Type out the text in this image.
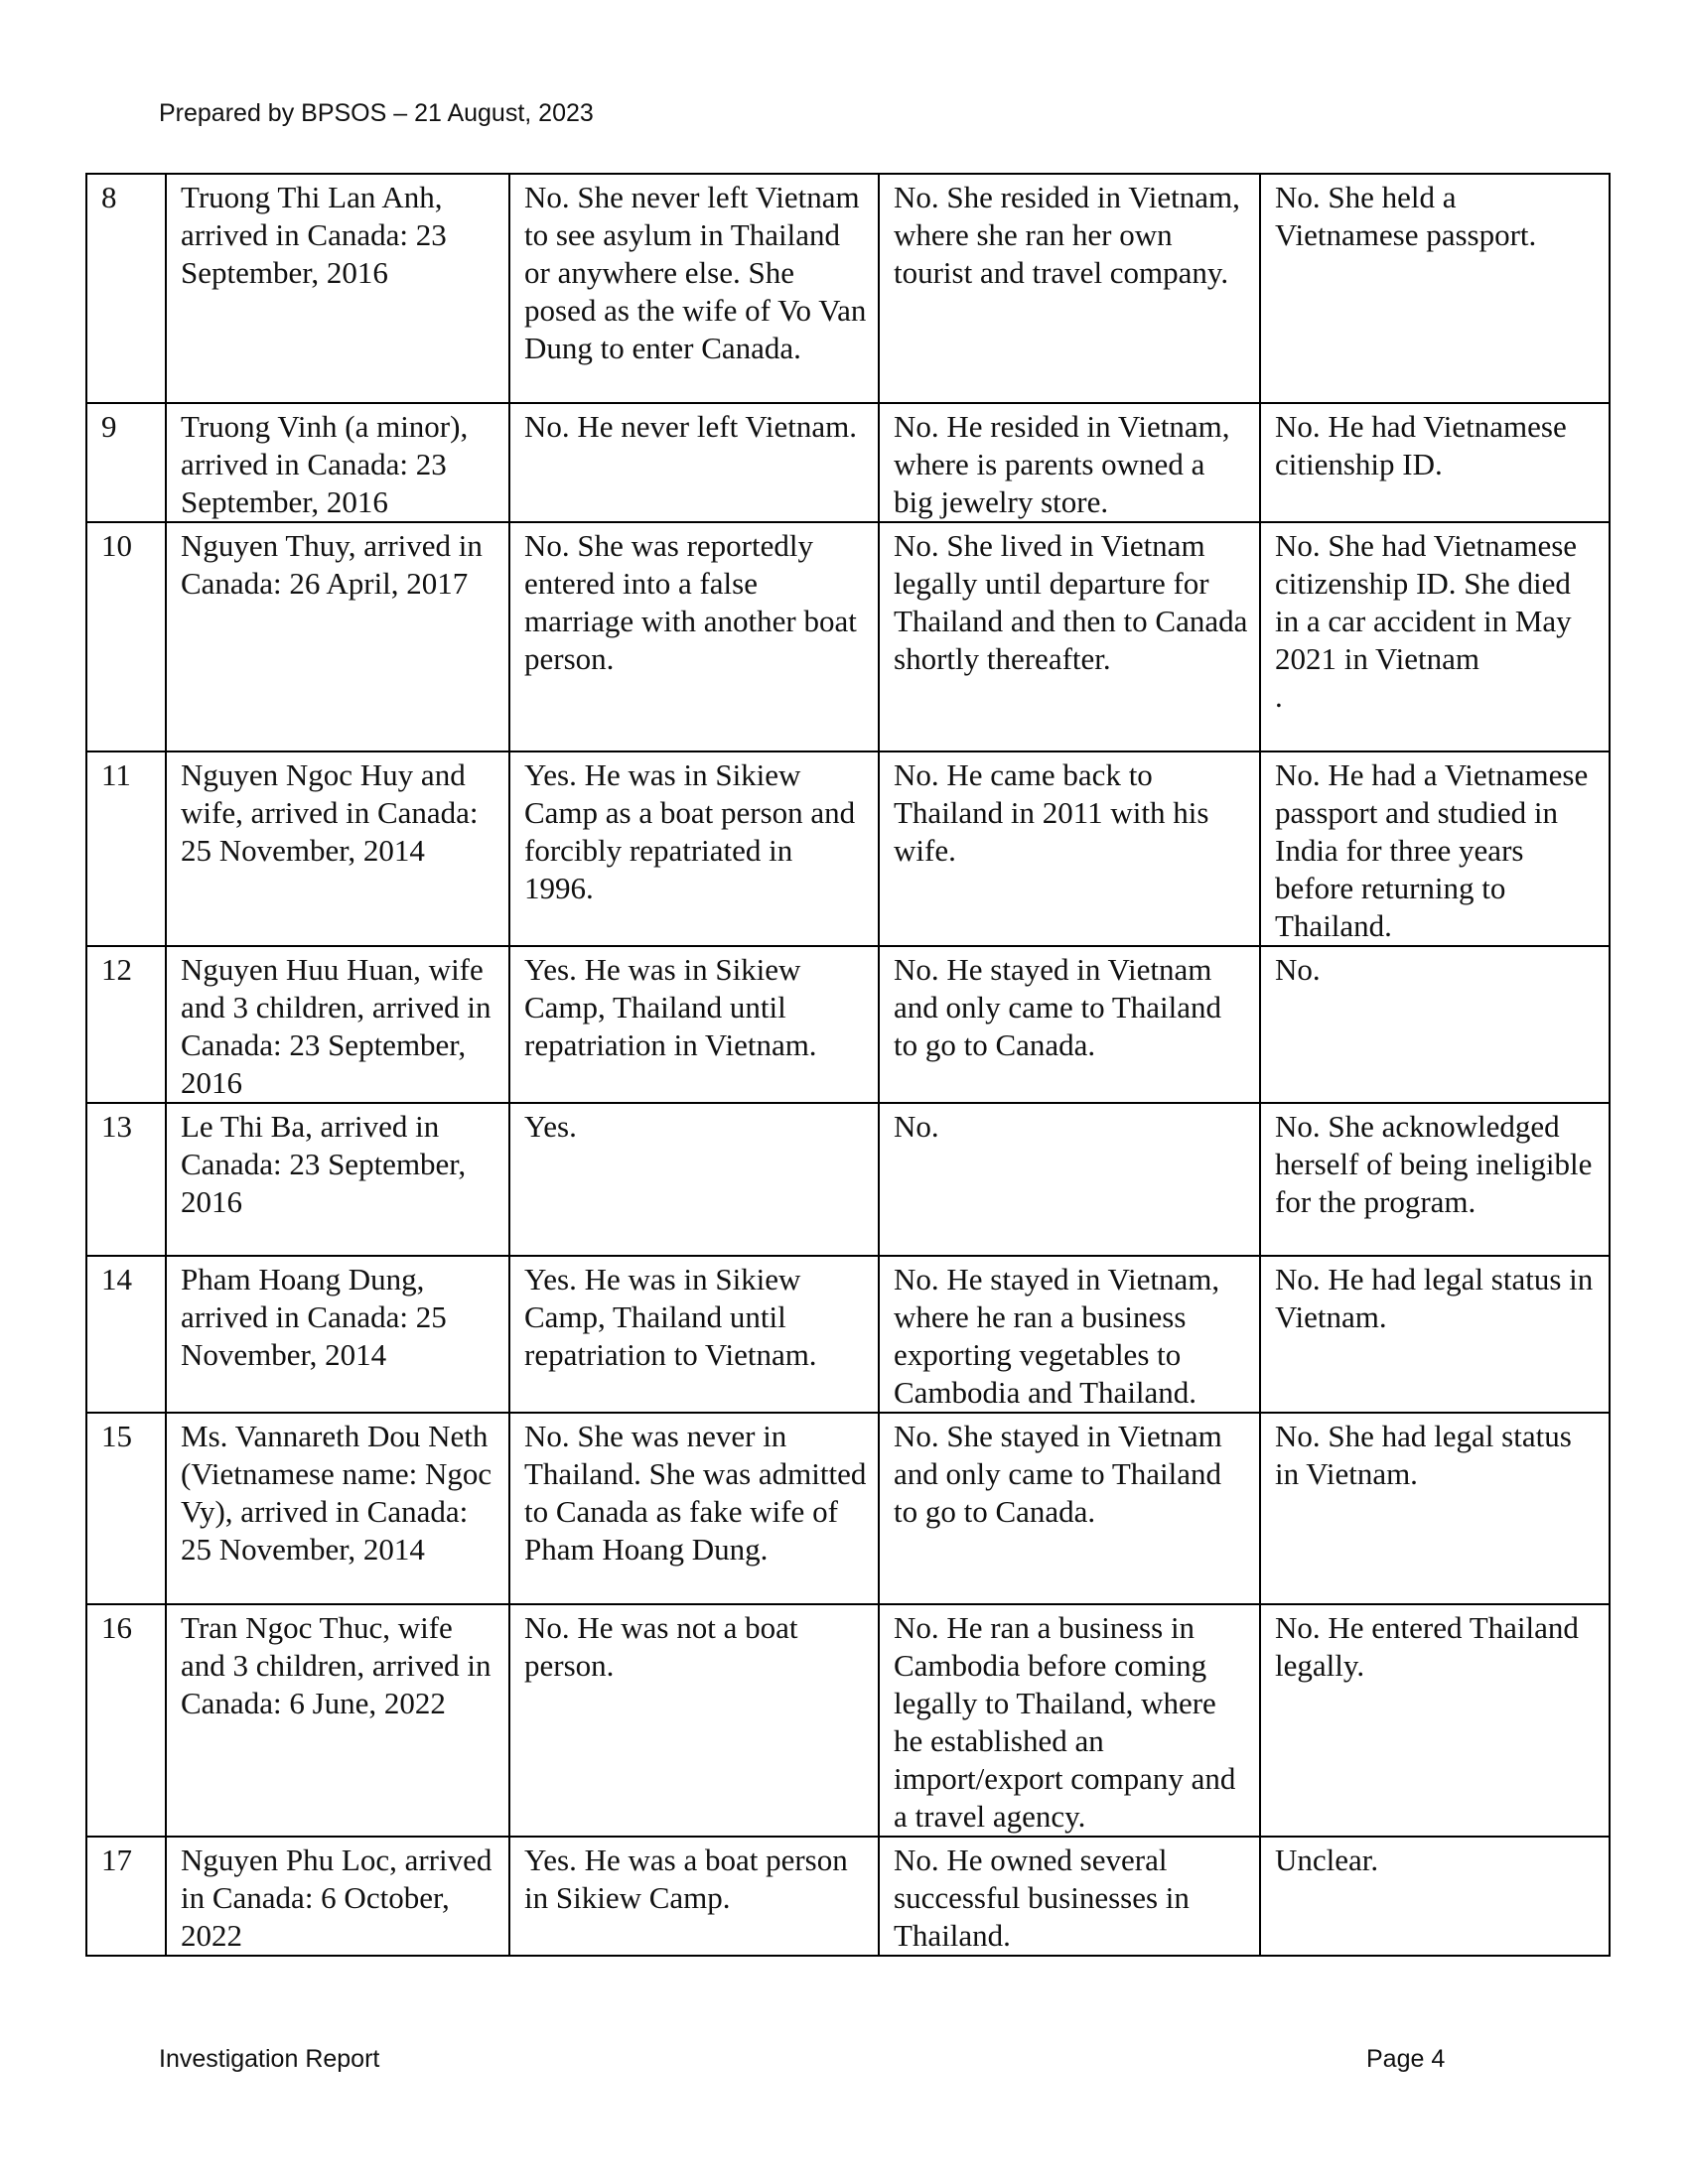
Prepared by BPSOS – 21 August, 2023
8	Truong Thi Lan Anh, arrived in Canada: 23 September, 2016	No. She never left Vietnam to see asylum in Thailand or anywhere else. She posed as the wife of Vo Van Dung to enter Canada.	No. She resided in Vietnam, where she ran her own tourist and travel company.	No. She held a Vietnamese passport.
9	Truong Vinh (a minor), arrived in Canada: 23 September, 2016	No. He never left Vietnam.	No. He resided in Vietnam, where is parents owned a big jewelry store.	No. He had Vietnamese citienship ID.
10	Nguyen Thuy, arrived in Canada: 26 April, 2017	No. She was reportedly entered into a false marriage with another boat person.	No. She lived in Vietnam legally until departure for Thailand and then to Canada shortly thereafter.	No. She had Vietnamese citizenship ID. She died in a car accident in May 2021 in Vietnam
.
11	Nguyen Ngoc Huy and wife, arrived in Canada: 25 November, 2014	Yes. He was in Sikiew Camp as a boat person and forcibly repatriated in 1996.	No. He came back to Thailand in 2011 with his wife.	No. He had a Vietnamese passport and studied in India for three years before returning to Thailand.
12	Nguyen Huu Huan, wife and 3 children, arrived in Canada: 23 September, 2016	Yes. He was in Sikiew Camp, Thailand until repatriation in Vietnam.	No. He stayed in Vietnam and only came to Thailand to go to Canada.	No.
13	Le Thi Ba, arrived in Canada: 23 September, 2016	Yes.	No.	No. She acknowledged herself of being ineligible for the program.
14	Pham Hoang Dung, arrived in Canada: 25 November, 2014	Yes. He was in Sikiew Camp, Thailand until repatriation to Vietnam.	No. He stayed in Vietnam, where he ran a business exporting vegetables to Cambodia and Thailand.	No. He had legal status in Vietnam.
15	Ms. Vannareth Dou Neth (Vietnamese name: Ngoc Vy), arrived in Canada: 25 November, 2014	No. She was never in Thailand. She was admitted to Canada as fake wife of Pham Hoang Dung.	No. She stayed in Vietnam and only came to Thailand to go to Canada.	No. She had legal status in Vietnam.
16	Tran Ngoc Thuc, wife and 3 children, arrived in Canada: 6 June, 2022	No. He was not a boat person.	No. He ran a business in Cambodia before coming legally to Thailand, where he established an import/export company and a travel agency.	No. He entered Thailand legally.
17	Nguyen Phu Loc, arrived in Canada: 6 October, 2022	Yes. He was a boat person in Sikiew Camp.	No. He owned several successful businesses in Thailand.	Unclear.
Investigation Report	Page 4
